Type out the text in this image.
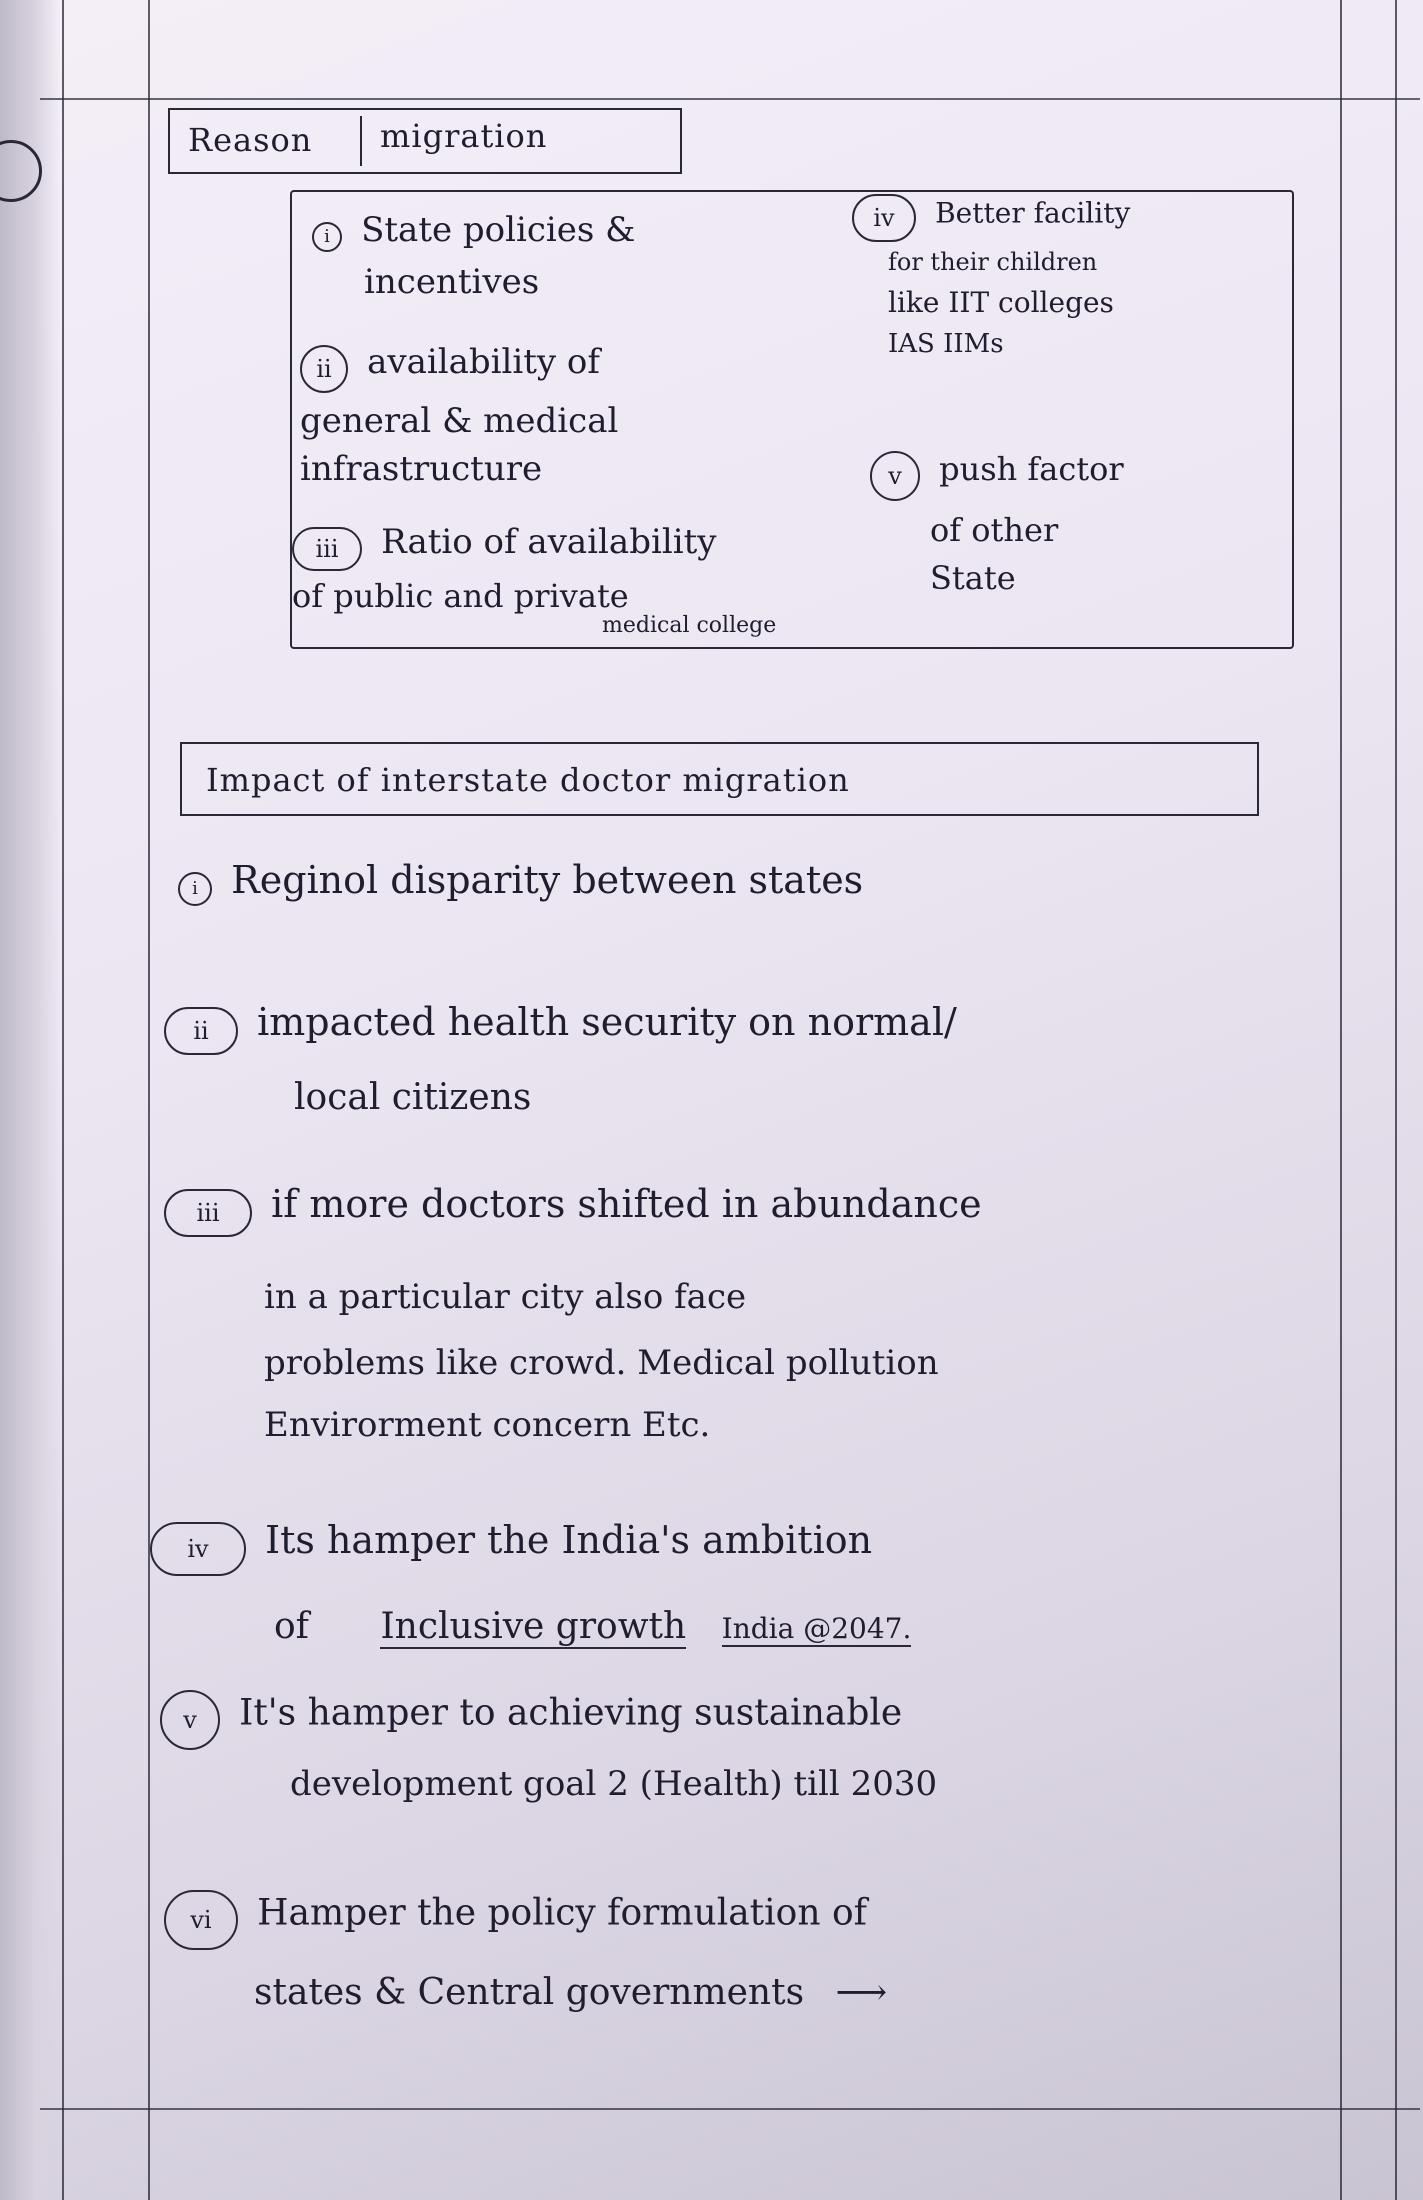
Reason migration
i State policies &
incentives
ii availability of
general & medical
infrastructure
iii Ratio of availability
of public and private
medical college
iv Better facility
for their children
like IIT colleges
IAS IIMs
v push factor
of other
State
Impact of interstate doctor migration
i Reginol disparity between states
ii impacted health security on normal/
local citizens
iii if more doctors shifted in abundance
in a particular city also face
problems like crowd. Medical pollution
Envirorment concern Etc.
iv Its hamper the India's ambition
of Inclusive growth India @2047.
v It's hamper to achieving sustainable
development goal 2 (Health) till 2030
vi Hamper the policy formulation of
states & Central governments ⟶
